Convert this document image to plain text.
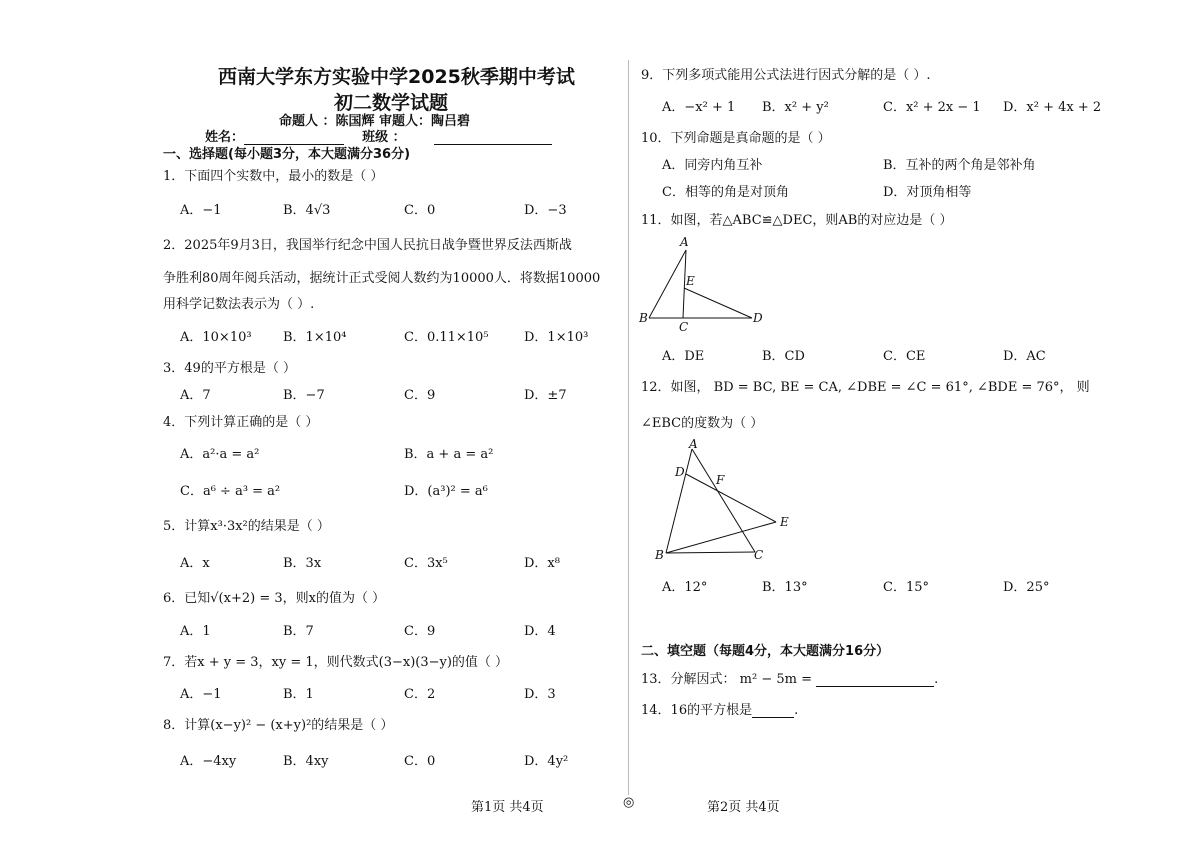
西南大学东方实验中学2025秋季期中考试
初二数学试题
命题人 ：陈国辉 审题人：陶吕碧
姓名：	班级 ：
一、选择题(每小题3分，本大题满分36分)
1．下面四个实数中，最小的数是（ ）
A．−1	B．4√3	C．0	D．−3
2．2025年9月3日，我国举行纪念中国人民抗日战争暨世界反法西斯战
争胜利80周年阅兵活动，据统计正式受阅人数约为10000人．将数据10000
用科学记数法表示为（ ）.
A．10×10³ B．1×10⁴	C．0.11×10⁵	D．1×10³
3．49的平方根是（ ）
A．7	B．−7	C．9	D．±7
4．下列计算正确的是（ ）
A．a²·a = a²	B．a + a = a²
C．a⁶ ÷ a³ = a²	D．(a³)² = a⁶
5．计算x³·3x²的结果是（ ）
A．x	B．3x	C．3x⁵	D．x⁸
6．已知√(x+2) = 3，则x的值为（ ）
A．1	B．7	C．9	D．4
7．若x + y = 3，xy = 1，则代数式(3−x)(3−y)的值（ ）
A．−1	B．1	C．2	D．3
8．计算(x−y)² − (x+y)²的结果是（ ）
A．−4xy	B．4xy	C．0	D．4y²
9．下列多项式能用公式法进行因式分解的是（ ）.
A．−x² + 1 B．x² + y²	C．x² + 2x − 1 D．x² + 4x + 2
10．下列命题是真命题的是（ ）
A．同旁内角互补	B．互补的两个角是邻补角
C．相等的角是对顶角	D．对顶角相等
11．如图，若△ABC≌△DEC，则AB的对应边是（ ）
A
B
C
D
E
A．DE	B．CD	C．CE	D．AC
12．如图， BD = BC, BE = CA, ∠DBE = ∠C = 61°, ∠BDE = 76°， 则
∠EBC的度数为（ ）
A
D
F
E
B	C
A．12°	B．13°	C．15°	D．25°
二、填空题（每题4分，本大题满分16分）
13．分解因式： m² − 5m =	.
14．16的平方根是	.
第1页 共4页	◎	第2页 共4页
